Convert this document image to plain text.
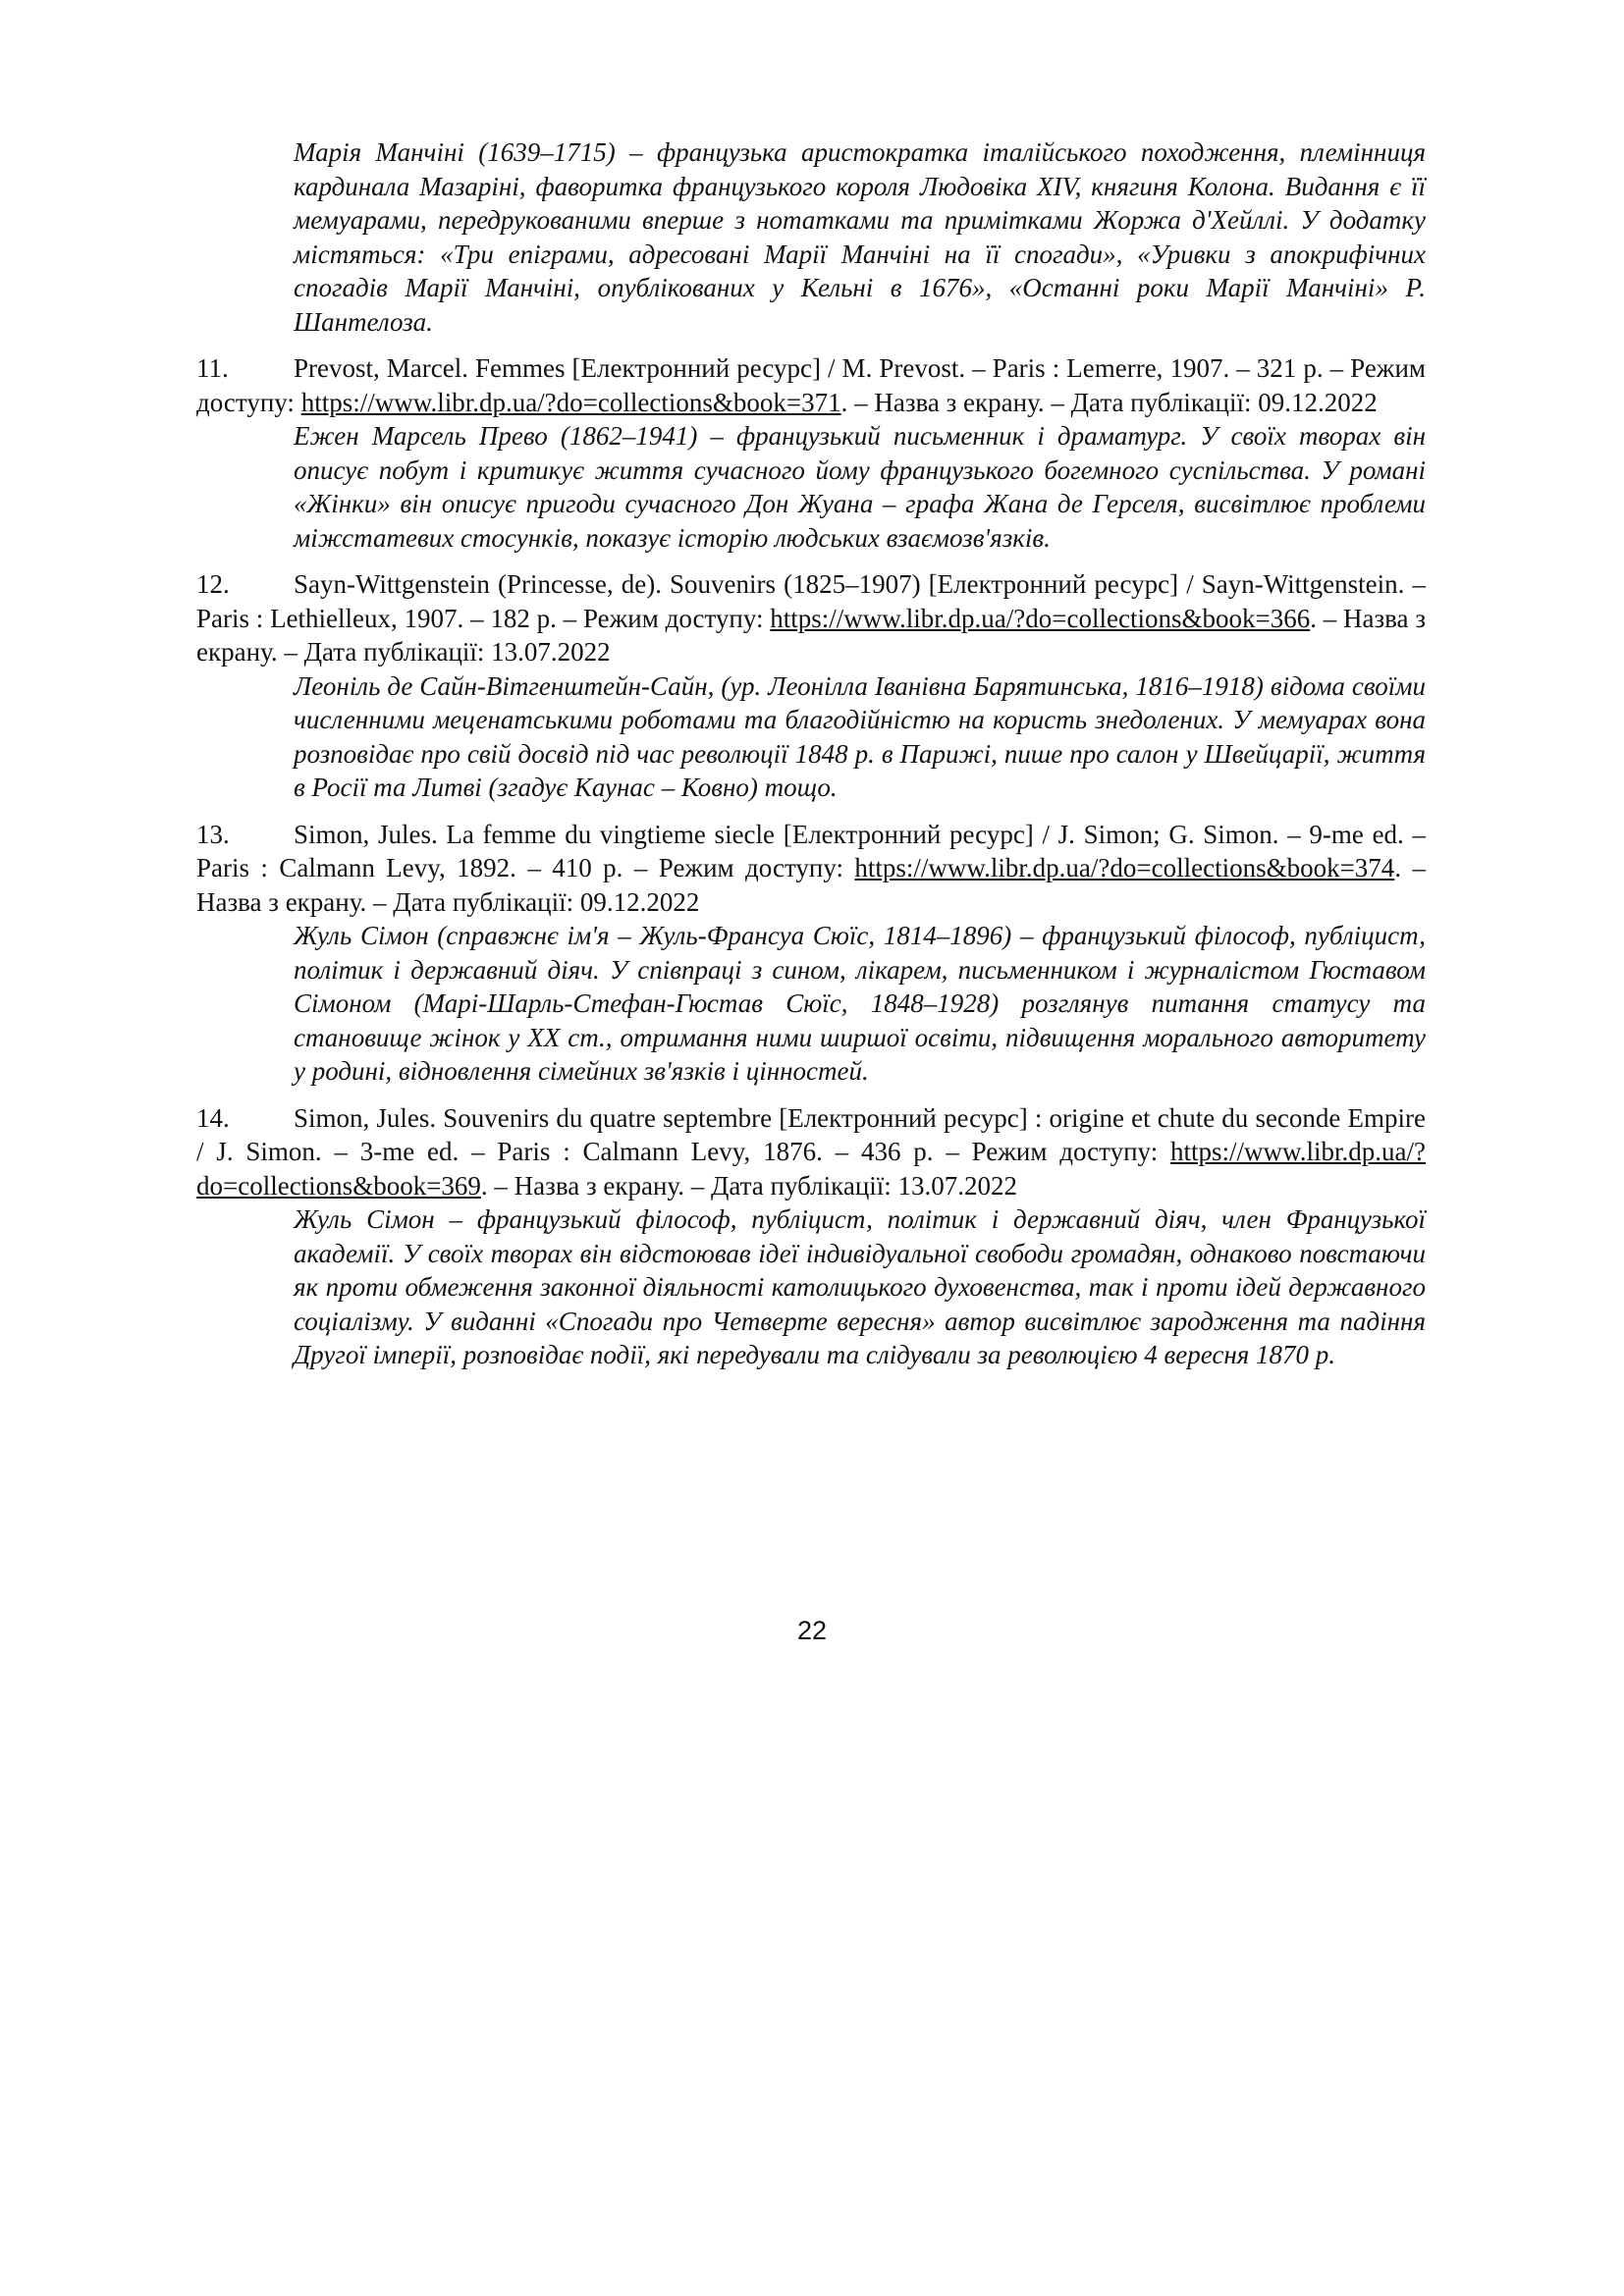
Марія Манчіні (1639–1715) – французька аристократка італійського походження, племінниця кардинала Мазаріні, фаворитка французького короля Людовіка XIV, княгиня Колона. Видання є її мемуарами, передрукованими вперше з нотатками та примітками Жоржа д'Хейллі. У додатку містяться: «Три епіграми, адресовані Марії Манчіні на її спогади», «Уривки з апокрифічних спогадів Марії Манчіні, опублікованих у Кельні в 1676», «Останні роки Марії Манчіні» Р. Шантелоза.
11. Prevost, Marcel. Femmes [Електронний ресурс] / M. Prevost. – Paris : Lemerre, 1907. – 321 p. – Режим доступу: https://www.libr.dp.ua/?do=collections&book=371. – Назва з екрану. – Дата публікації: 09.12.2022
Ежен Марсель Прево (1862–1941) – французький письменник і драматург. У своїх творах він описує побут і критикує життя сучасного йому французького богемного суспільства. У романі «Жінки» він описує пригоди сучасного Дон Жуана – графа Жана де Герселя, висвітлює проблеми міжстатевих стосунків, показує історію людських взаємозв'язків.
12. Sayn-Wittgenstein (Princesse, de). Souvenirs (1825–1907) [Електронний ресурс] / Sayn-Wittgenstein. – Paris : Lethielleux, 1907. – 182 p. – Режим доступу: https://www.libr.dp.ua/?do=collections&book=366. – Назва з екрану. – Дата публікації: 13.07.2022
Леоніль де Сайн-Вітгенштейн-Сайн, (ур. Леонілла Іванівна Барятинська, 1816–1918) відома своїми численними меценатськими роботами та благодійністю на користь знедолених. У мемуарах вона розповідає про свій досвід під час революції 1848 р. в Парижі, пише про салон у Швейцарії, життя в Росії та Литві (згадує Каунас – Ковно) тощо.
13. Simon, Jules. La femme du vingtieme siecle [Електронний ресурс] / J. Simon; G. Simon. – 9-me ed. – Paris : Calmann Levy, 1892. – 410 p. – Режим доступу: https://www.libr.dp.ua/?do=collections&book=374. – Назва з екрану. – Дата публікації: 09.12.2022
Жуль Сімон (справжнє ім'я – Жуль-Франсуа Сюїс, 1814–1896) – французький філософ, публіцист, політик і державний діяч. У співпраці з сином, лікарем, письменником і журналістом Гюставом Сімоном (Марі-Шарль-Стефан-Гюстав Сюїс, 1848–1928) розглянув питання статусу та становище жінок у ХХ ст., отримання ними ширшої освіти, підвищення морального авторитету у родині, відновлення сімейних зв'язків і цінностей.
14. Simon, Jules. Souvenirs du quatre septembre [Електронний ресурс] : origine et chute du seconde Empire / J. Simon. – 3-me ed. – Paris : Calmann Levy, 1876. – 436 p. – Режим доступу: https://www.libr.dp.ua/?do=collections&book=369. – Назва з екрану. – Дата публікації: 13.07.2022
Жуль Сімон – французький філософ, публіцист, політик і державний діяч, член Французької академії. У своїх творах він відстоював ідеї індивідуальної свободи громадян, однаково повстаючи як проти обмеження законної діяльності католицького духовенства, так і проти ідей державного соціалізму. У виданні «Спогади про Четверте вересня» автор висвітлює зародження та падіння Другої імперії, розповідає події, які передували та слідували за революцією 4 вересня 1870 р.
22
